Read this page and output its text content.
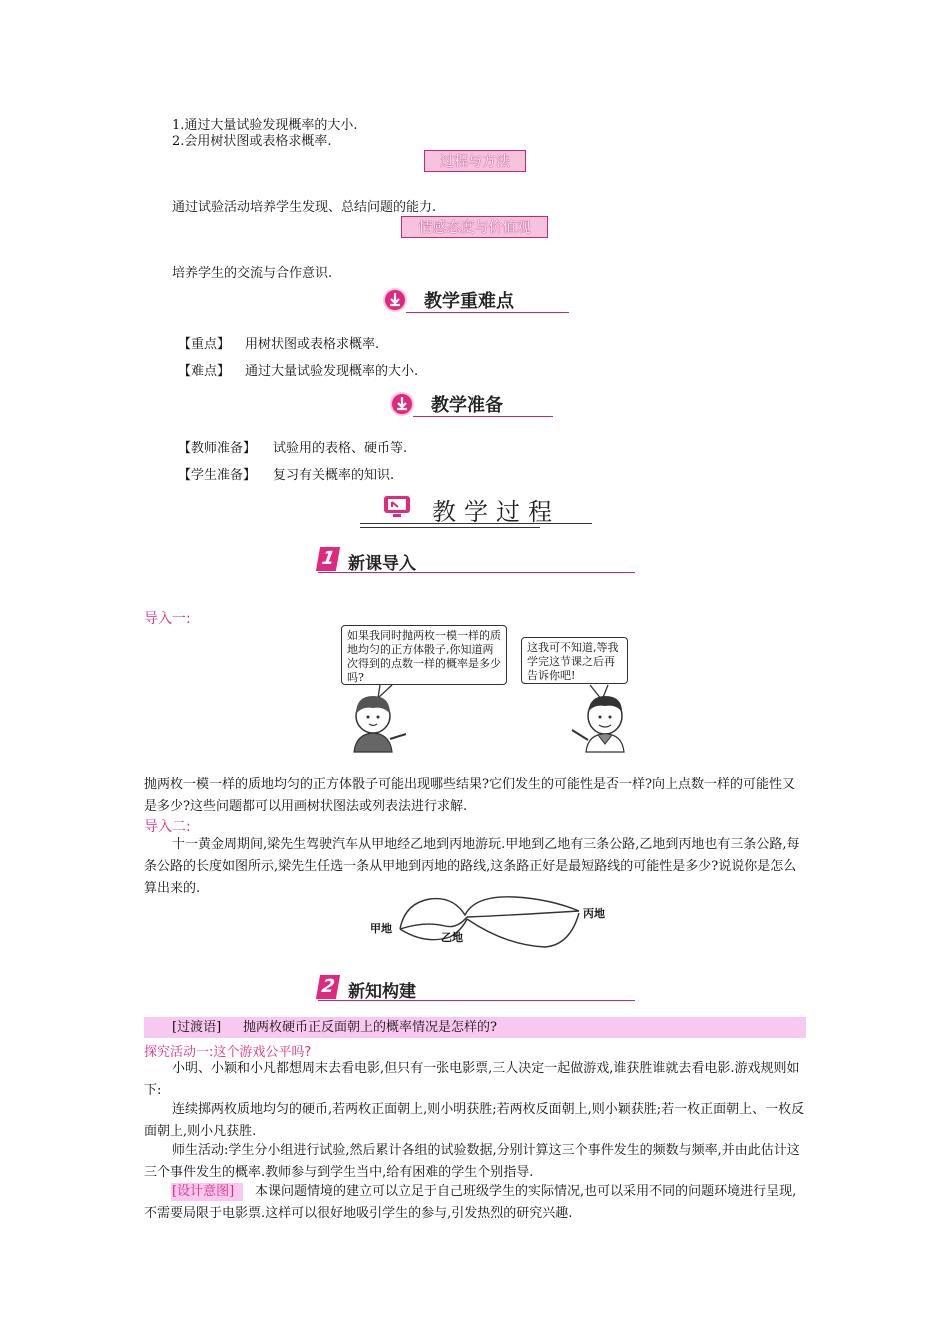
1.通过大量试验发现概率的大小.
2.会用树状图或表格求概率.
过程与方法
通过试验活动培养学生发现、总结问题的能力.
情感态度与价值观
培养学生的交流与合作意识.
教学重难点
【重点】 用树状图或表格求概率.
【难点】 通过大量试验发现概率的大小.
教学准备
【教师准备】 试验用的表格、硬币等.
【学生准备】 复习有关概率的知识.
教学过程
1 新课导入
导入一:
如果我同时抛两枚一模一样的质地均匀的正方体骰子,你知道两次得到的点数一样的概率是多少吗?
这我可不知道,等我学完这节课之后再告诉你吧!
抛两枚一模一样的质地均匀的正方体骰子可能出现哪些结果?它们发生的可能性是否一样?向上点数一样的可能性又是多少?这些问题都可以用画树状图法或列表法进行求解.
导入二:
十一黄金周期间,梁先生驾驶汽车从甲地经乙地到丙地游玩.甲地到乙地有三条公路,乙地到丙地也有三条公路,每条公路的长度如图所示,梁先生任选一条从甲地到丙地的路线,这条路正好是最短路线的可能性是多少?说说你是怎么算出来的.
甲地
乙地
丙地
2 新知构建
[过渡语] 抛两枚硬币正反面朝上的概率情况是怎样的?
探究活动一:这个游戏公平吗?
小明、小颖和小凡都想周末去看电影,但只有一张电影票,三人决定一起做游戏,谁获胜谁就去看电影.游戏规则如下:
连续掷两枚质地均匀的硬币,若两枚正面朝上,则小明获胜;若两枚反面朝上,则小颖获胜;若一枚正面朝上、一枚反面朝上,则小凡获胜.
师生活动:学生分小组进行试验,然后累计各组的试验数据,分别计算这三个事件发生的频数与频率,并由此估计这三个事件发生的概率.教师参与到学生当中,给有困难的学生个别指导.
[设计意图]	本课问题情境的建立可以立足于自己班级学生的实际情况,也可以采用不同的问题环境进行呈现,不需要局限于电影票.这样可以很好地吸引学生的参与,引发热烈的研究兴趣.
